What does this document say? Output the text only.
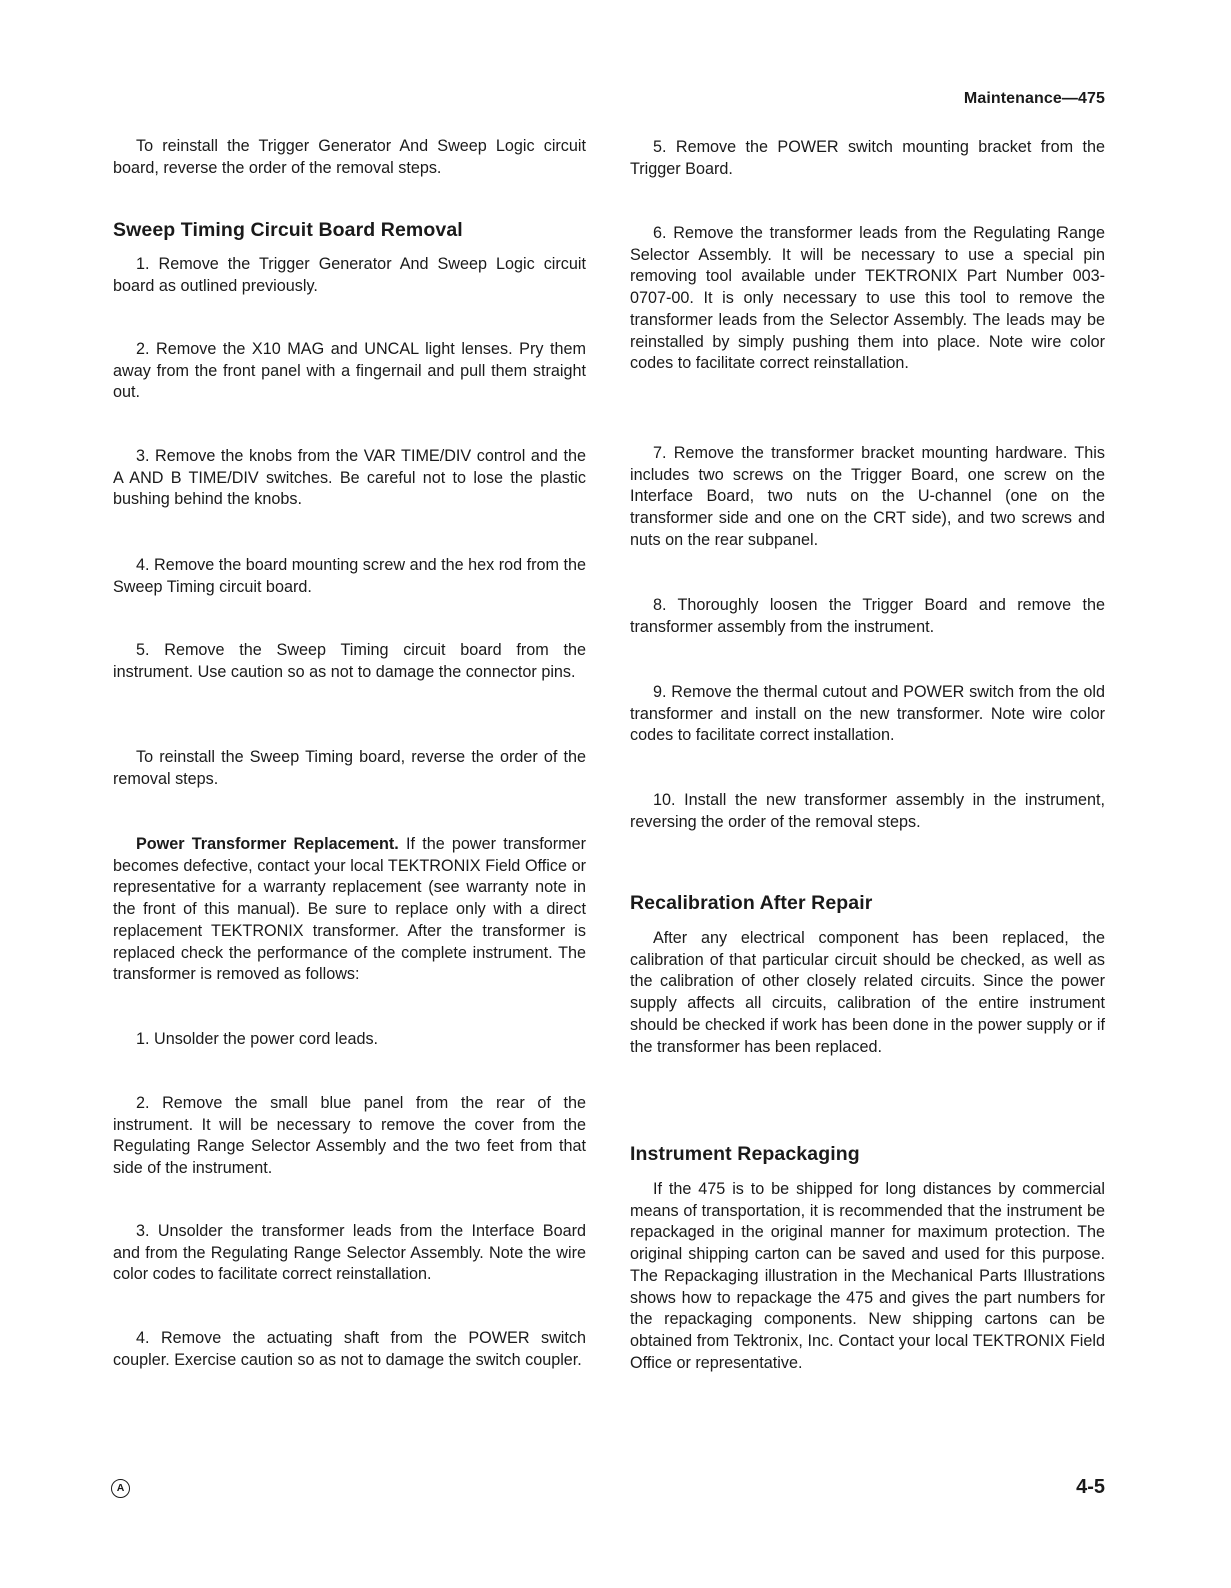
Maintenance—475

To reinstall the Trigger Generator And Sweep Logic circuit board, reverse the order of the removal steps.

Sweep Timing Circuit Board Removal

1. Remove the Trigger Generator And Sweep Logic circuit board as outlined previously.

2. Remove the X10 MAG and UNCAL light lenses. Pry them away from the front panel with a fingernail and pull them straight out.

3. Remove the knobs from the VAR TIME/DIV control and the A AND B TIME/DIV switches. Be careful not to lose the plastic bushing behind the knobs.

4. Remove the board mounting screw and the hex rod from the Sweep Timing circuit board.

5. Remove the Sweep Timing circuit board from the instrument. Use caution so as not to damage the connector pins.

To reinstall the Sweep Timing board, reverse the order of the removal steps.

Power Transformer Replacement. If the power transformer becomes defective, contact your local TEKTRONIX Field Office or representative for a warranty replacement (see warranty note in the front of this manual). Be sure to replace only with a direct replacement TEKTRONIX transformer. After the transformer is replaced check the performance of the complete instrument. The transformer is removed as follows:

1. Unsolder the power cord leads.

2. Remove the small blue panel from the rear of the instrument. It will be necessary to remove the cover from the Regulating Range Selector Assembly and the two feet from that side of the instrument.

3. Unsolder the transformer leads from the Interface Board and from the Regulating Range Selector Assembly. Note the wire color codes to facilitate correct reinstallation.

4. Remove the actuating shaft from the POWER switch coupler. Exercise caution so as not to damage the switch coupler.

5. Remove the POWER switch mounting bracket from the Trigger Board.

6. Remove the transformer leads from the Regulating Range Selector Assembly. It will be necessary to use a special pin removing tool available under TEKTRONIX Part Number 003-0707-00. It is only necessary to use this tool to remove the transformer leads from the Selector Assembly. The leads may be reinstalled by simply pushing them into place. Note wire color codes to facilitate correct reinstallation.

7. Remove the transformer bracket mounting hardware. This includes two screws on the Trigger Board, one screw on the Interface Board, two nuts on the U-channel (one on the transformer side and one on the CRT side), and two screws and nuts on the rear subpanel.

8. Thoroughly loosen the Trigger Board and remove the transformer assembly from the instrument.

9. Remove the thermal cutout and POWER switch from the old transformer and install on the new transformer. Note wire color codes to facilitate correct installation.

10. Install the new transformer assembly in the instrument, reversing the order of the removal steps.

Recalibration After Repair

After any electrical component has been replaced, the calibration of that particular circuit should be checked, as well as the calibration of other closely related circuits. Since the power supply affects all circuits, calibration of the entire instrument should be checked if work has been done in the power supply or if the transformer has been replaced.

Instrument Repackaging

If the 475 is to be shipped for long distances by commercial means of transportation, it is recommended that the instrument be repackaged in the original manner for maximum protection. The original shipping carton can be saved and used for this purpose. The Repackaging illustration in the Mechanical Parts Illustrations shows how to repackage the 475 and gives the part numbers for the repackaging components. New shipping cartons can be obtained from Tektronix, Inc. Contact your local TEKTRONIX Field Office or representative.

A	4-5
